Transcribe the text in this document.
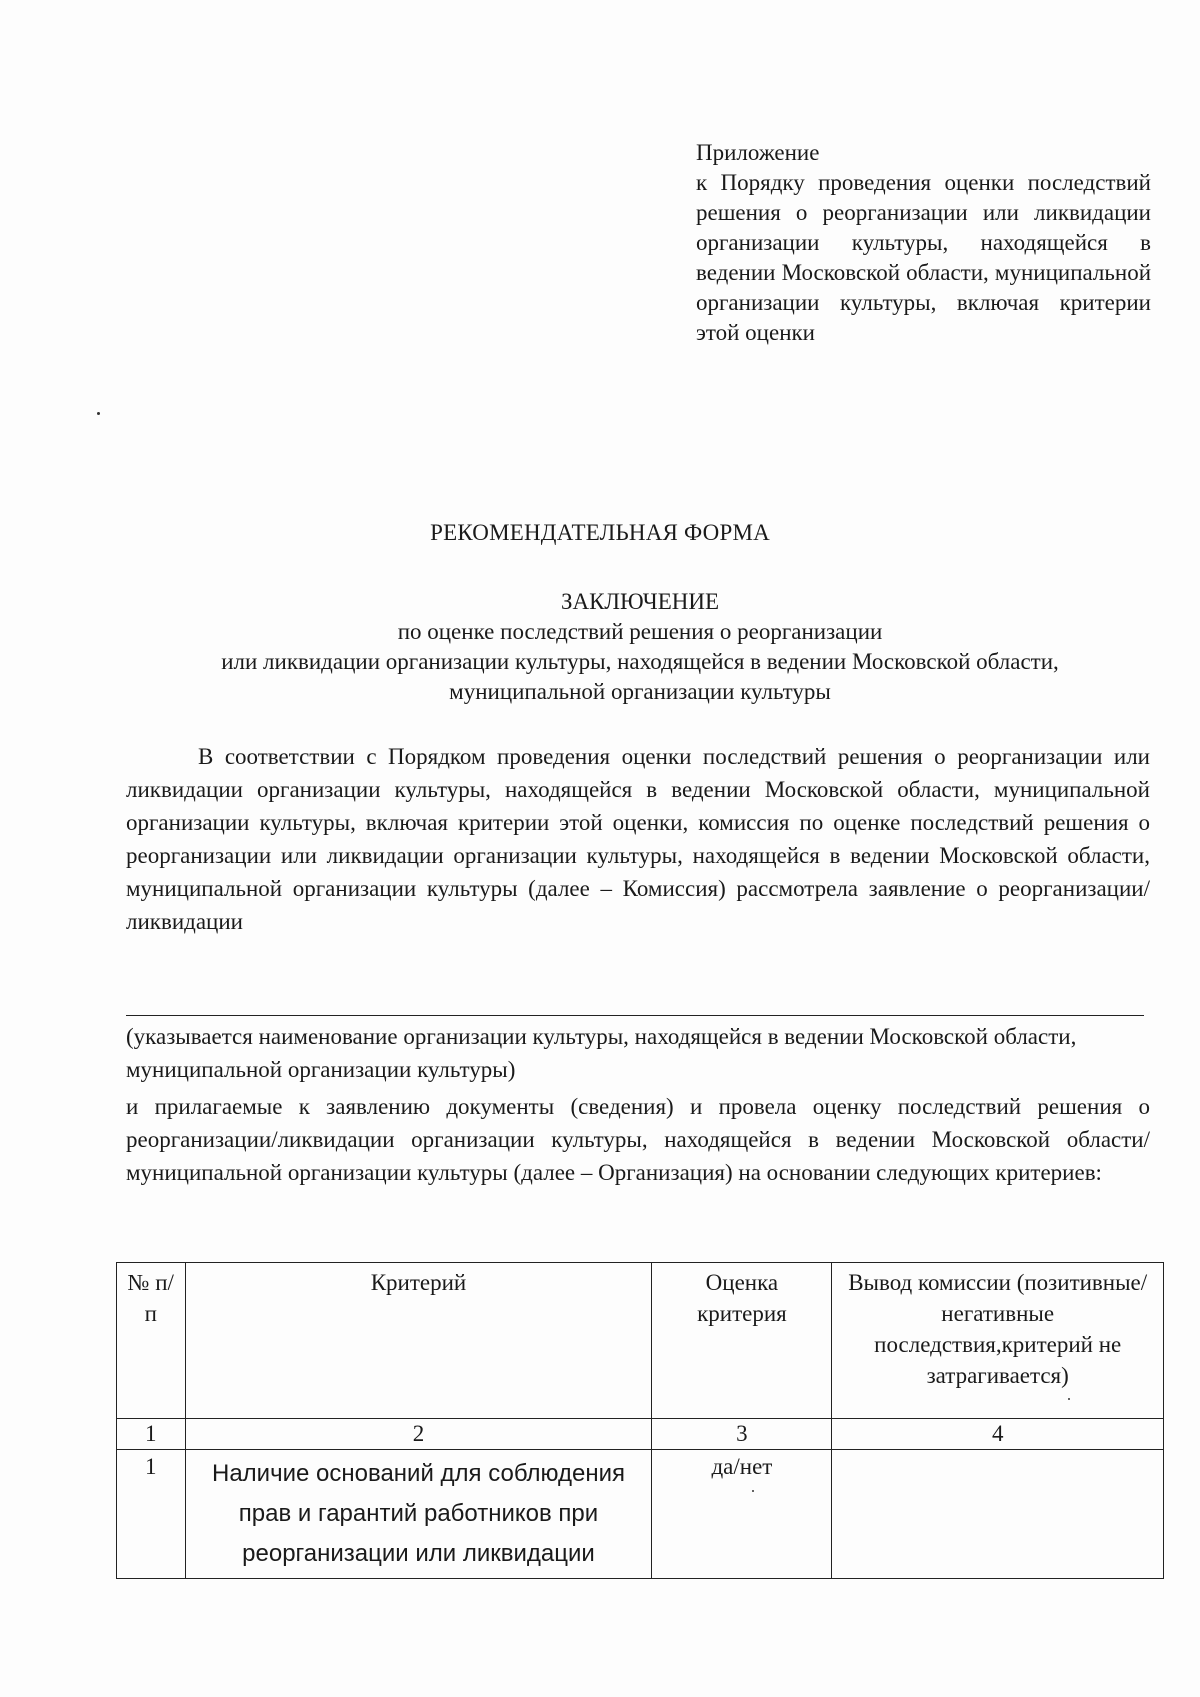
Приложение
к Порядку проведения оценки последствий решения о реорганизации или ликвидации организации культуры, находящейся в ведении Московской области, муниципальной организации культуры, включая критерии этой оценки
РЕКОМЕНДАТЕЛЬНАЯ ФОРМА
ЗАКЛЮЧЕНИЕ
по оценке последствий решения о реорганизации
или ликвидации организации культуры, находящейся в ведении Московской области,
муниципальной организации культуры
В соответствии с Порядком проведения оценки последствий решения о реорганизации или ликвидации организации культуры, находящейся в ведении Московской области, муниципальной организации культуры, включая критерии этой оценки, комиссия по оценке последствий решения о реорганизации или ликвидации организации культуры, находящейся в ведении Московской области, муниципальной организации культуры (далее – Комиссия) рассмотрела заявление о реорганизации/ликвидации
(указывается наименование организации культуры, находящейся в ведении Московской области, муниципальной организации культуры)
и прилагаемые к заявлению документы (сведения) и провела оценку последствий решения о реорганизации/ликвидации организации культуры, находящейся в ведении Московской области/муниципальной организации культуры (далее – Организация) на основании следующих критериев:
№ п/п	Критерий	Оценка критерия	Вывод комиссии (позитивные/негативные последствия,критерий не затрагивается)
1	2	3	4
1	Наличие оснований для соблюдения прав и гарантий работников при реорганизации или ликвидации	да/нет	
